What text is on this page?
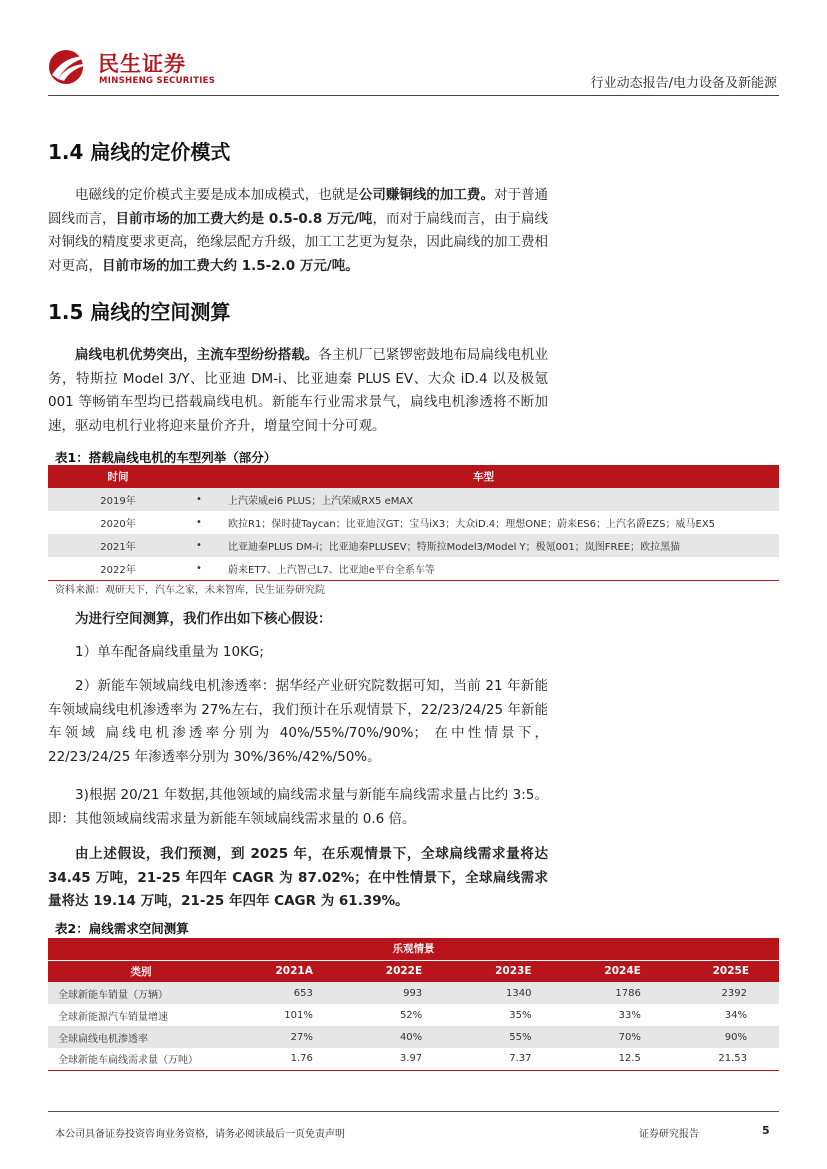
民生证券
MINSHENG SECURITIES	行业动态报告/电力设备及新能源
1.4 扁线的定价模式
电磁线的定价模式主要是成本加成模式，也就是公司赚铜线的加工费。对于普通圆线而言，目前市场的加工费大约是 0.5-0.8 万元/吨，而对于扁线而言，由于扁线对铜线的精度要求更高，绝缘层配方升级，加工工艺更为复杂，因此扁线的加工费相对更高，目前市场的加工费大约 1.5-2.0 万元/吨。
1.5 扁线的空间测算
扁线电机优势突出，主流车型纷纷搭载。各主机厂已紧锣密鼓地布局扁线电机业务，特斯拉 Model 3/Y、比亚迪 DM-i、比亚迪秦 PLUS EV、大众 iD.4 以及极氪 001 等畅销车型均已搭载扁线电机。新能车行业需求景气，扁线电机渗透将不断加速，驱动电机行业将迎来量价齐升，增量空间十分可观。
表1：搭载扁线电机的车型列举（部分）
时间	车型	
2019年	•	上汽荣威ei6 PLUS；上汽荣威RX5 eMAX
2020年	•	欧拉R1；保时捷Taycan；比亚迪汉GT；宝马iX3；大众iD.4；理想ONE；蔚来ES6；上汽名爵EZS；威马EX5
2021年	•	比亚迪秦PLUS DM-i；比亚迪秦PLUSEV；特斯拉Model3/Model Y；极氪001；岚图FREE；欧拉黑猫
2022年	•	蔚来ET7、上汽智己L7、比亚迪e平台全系车等
资料来源：观研天下，汽车之家，未来智库，民生证券研究院
为进行空间测算，我们作出如下核心假设：
1）单车配备扁线重量为 10KG;
2）新能车领域扁线电机渗透率：据华经产业研究院数据可知，当前 21 年新能车领域扁线电机渗透率为 27%左右，我们预计在乐观情景下，22/23/24/25 年新能车领域 扁线电机渗透率分别为 40%/55%/70%/90%； 在中性情景下，22/23/24/25 年渗透率分别为 30%/36%/42%/50%。
3)根据 20/21 年数据,其他领域的扁线需求量与新能车扁线需求量占比约 3:5。即：其他领域扁线需求量为新能车领域扁线需求量的 0.6 倍。
由上述假设，我们预测，到 2025 年，在乐观情景下，全球扁线需求量将达 34.45 万吨，21-25 年四年 CAGR 为 87.02%；在中性情景下，全球扁线需求量将达 19.14 万吨，21-25 年四年 CAGR 为 61.39%。
表2：扁线需求空间测算
乐观情景					
类别	2021A	2022E	2023E	2024E	2025E
全球新能车销量（万辆）	653	993	1340	1786	2392
全球新能源汽车销量增速	101%	52%	35%	33%	34%
全球扁线电机渗透率	27%	40%	55%	70%	90%
全球新能车扁线需求量（万吨）	1.76	3.97	7.37	12.5	21.53
本公司具备证券投资咨询业务资格，请务必阅读最后一页免责声明	证券研究报告	5
